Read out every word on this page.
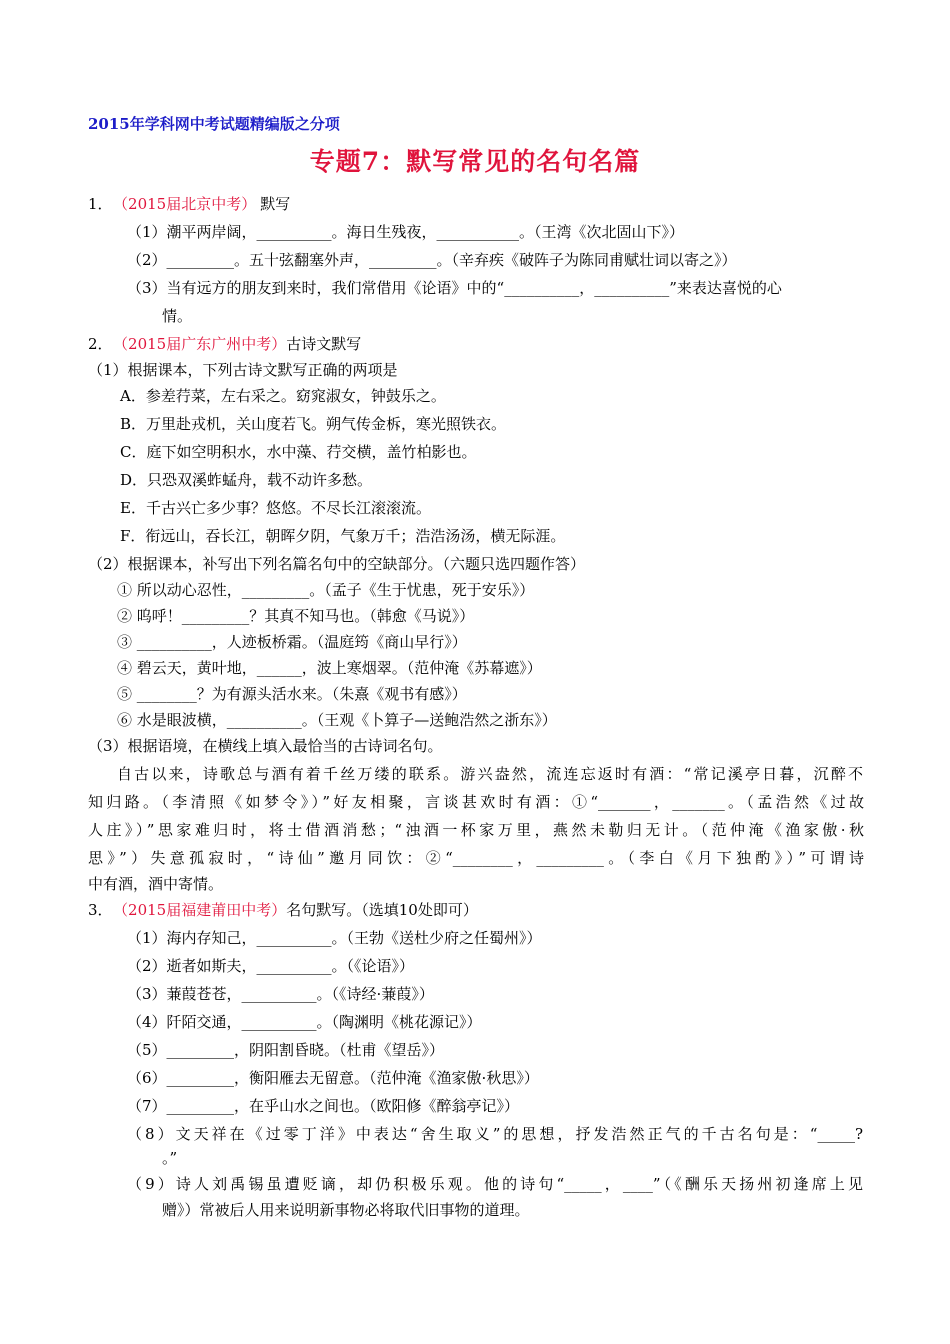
2015年学科网中考试题精编版之分项
专题7：默写常见的名句名篇
1． （2015届北京中考） 默写
（1）潮平两岸阔，__________。海日生残夜，___________。（王湾《次北固山下》）
（2）_________。五十弦翻塞外声，_________。（辛弃疾《破阵子为陈同甫赋壮词以寄之》）
（3）当有远方的朋友到来时，我们常借用《论语》中的“__________，__________”来表达喜悦的心
情。
2． （2015届广东广州中考）古诗文默写
（1）根据课本，下列古诗文默写正确的两项是
A．参差荇菜，左右采之。窈窕淑女，钟鼓乐之。
B．万里赴戎机，关山度若飞。朔气传金柝，寒光照铁衣。
C．庭下如空明积水，水中藻、荇交横，盖竹柏影也。
D．只恐双溪蚱蜢舟，载不动许多愁。
E．千古兴亡多少事？悠悠。不尽长江滚滚流。
F．衔远山，吞长江，朝晖夕阴，气象万千；浩浩汤汤，横无际涯。
（2）根据课本，补写出下列名篇名句中的空缺部分。（六题只选四题作答）
① 所以动心忍性，_________。（孟子《生于忧患，死于安乐》）
② 呜呼！_________？其真不知马也。（韩愈《马说》）
③ __________，人迹板桥霜。（温庭筠《商山早行》）
④ 碧云天，黄叶地，______，波上寒烟翠。（范仲淹《苏幕遮》）
⑤ ________？为有源头活水来。（朱熹《观书有感》）
⑥ 水是眼波横，__________。（王观《卜算子—送鲍浩然之浙东》）
（3）根据语境，在横线上填入最恰当的古诗词名句。
自古以来，诗歌总与酒有着千丝万缕的联系。游兴盎然，流连忘返时有酒：“常记溪亭日暮，沉醉不
知归路。（李清照《如梦令》）”好友相聚，言谈甚欢时有酒：①“_______，_______。（孟浩然《过故
人庄》）”思家难归时，将士借酒消愁；“浊酒一杯家万里，燕然未勒归无计。（范仲淹《渔家傲·秋
思》”）失意孤寂时，“诗仙”邀月同饮：②“________，_________。（李白《月下独酌》）”可谓诗
中有酒，酒中寄情。
3． （2015届福建莆田中考）名句默写。（选填10处即可）
（1）海内存知己，__________。（王勃《送杜少府之任蜀州》）
（2）逝者如斯夫，__________。（《论语》）
（3）蒹葭苍苍，__________。（《诗经·蒹葭》）
（4）阡陌交通，__________。（陶渊明《桃花源记》）
（5）_________，阴阳割昏晓。（杜甫《望岳》）
（6）_________，衡阳雁去无留意。（范仲淹《渔家傲·秋思》）
（7）_________，在乎山水之间也。（欧阳修《醉翁亭记》）
（8）文天祥在《过零丁洋》中表达“舍生取义”的思想，抒发浩然正气的千古名句是：“_____?
。”
（9）诗人刘禹锡虽遭贬谪，却仍积极乐观。他的诗句“_____，____”（《酬乐天扬州初逢席上见
赠》）常被后人用来说明新事物必将取代旧事物的道理。
